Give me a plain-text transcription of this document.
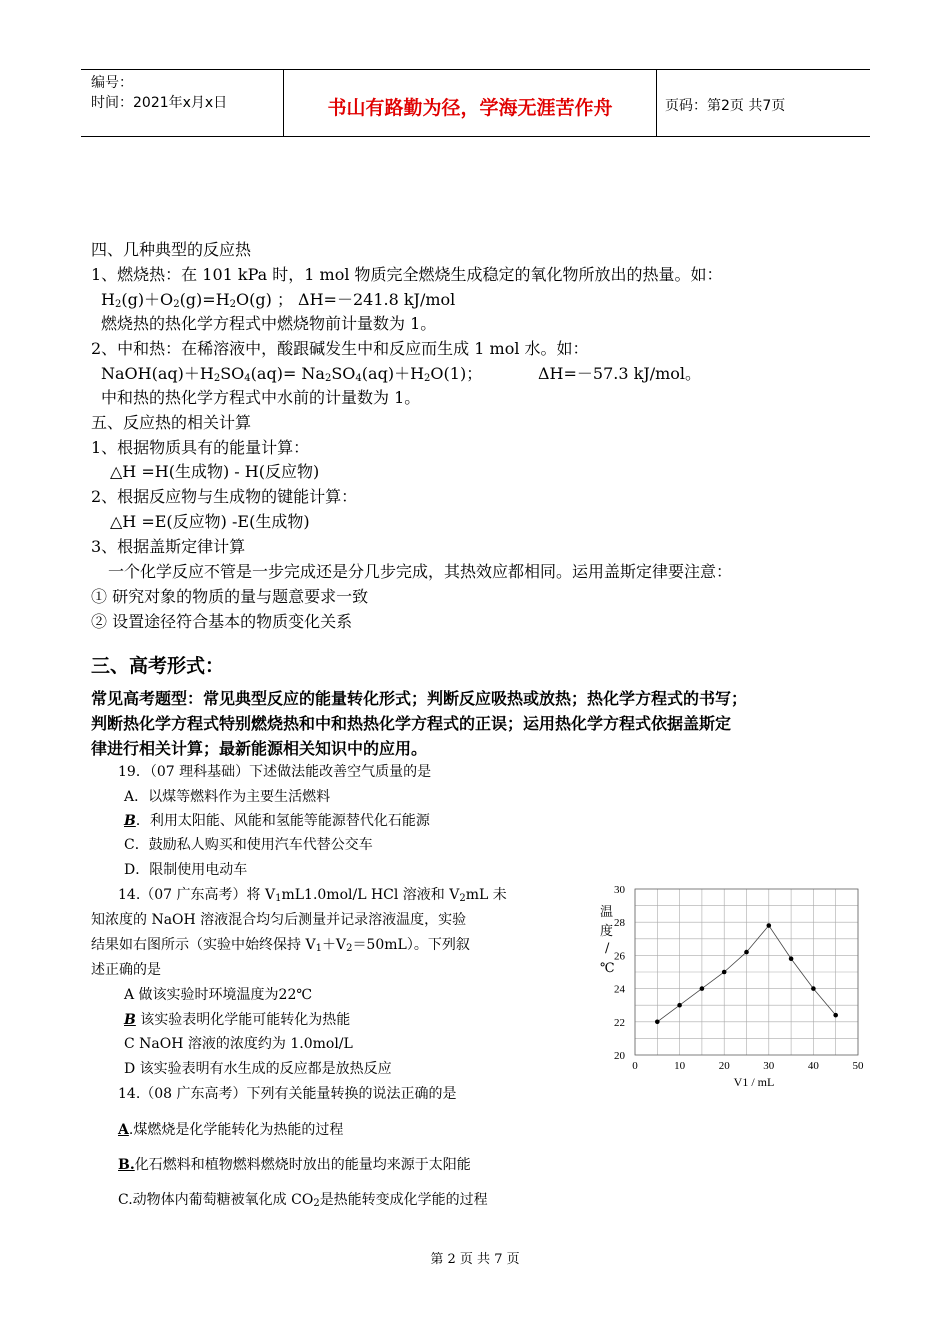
编号：
时间：2021年x月x日	书山有路勤为径，学海无涯苦作舟	页码：第2页 共7页
四、几种典型的反应热
1、燃烧热：在 101 kPa 时，1 mol 物质完全燃烧生成稳定的氧化物所放出的热量。如：
$H_2(g)+O_2(g)=H_2O(g)$ ； ΔH=－241.8 kJ/mol
燃烧热的热化学方程式中燃烧物前计量数为 1。
2、中和热：在稀溶液中，酸跟碱发生中和反应而生成 1 mol 水。如：
$NaOH(aq)+H_2SO_4(aq)= Na_2SO_4(aq)+H_2O(1)$；	ΔH=－57.3 kJ/mol。
中和热的热化学方程式中水前的计量数为 1。
五、反应热的相关计算
1、根据物质具有的能量计算：
△H =H(生成物) - H(反应物)
2、根据反应物与生成物的键能计算：
△H =E(反应物) -E(生成物)
3、根据盖斯定律计算
一个化学反应不管是一步完成还是分几步完成，其热效应都相同。运用盖斯定律要注意：
① 研究对象的物质的量与题意要求一致
② 设置途径符合基本的物质变化关系
三、高考形式：
常见高考题型：常见典型反应的能量转化形式；判断反应吸热或放热；热化学方程式的书写；
判断热化学方程式特别燃烧热和中和热热化学方程式的正误；运用热化学方程式依据盖斯定
律进行相关计算；最新能源相关知识中的应用。
19．（07 理科基础）下述做法能改善空气质量的是
A．以煤等燃料作为主要生活燃料
B．利用太阳能、风能和氢能等能源替代化石能源
C．鼓励私人购买和使用汽车代替公交车
D．限制使用电动车
14.（07 广东高考）将 $V_1mL1.0mol/L$ HCl 溶液和 $V_2mL$ 未
知浓度的 NaOH 溶液混合均匀后测量并记录溶液温度，实验
结果如右图所示（实验中始终保持 $V_1+V_2=50mL$）。下列叙
述正确的是
A 做该实验时环境温度为22℃
B 该实验表明化学能可能转化为热能
C NaOH 溶液的浓度约为 1.0mol/L
D 该实验表明有水生成的反应都是放热反应
14.（08 广东高考）下列有关能量转换的说法正确的是
A.煤燃烧是化学能转化为热能的过程
B.化石燃料和植物燃料燃烧时放出的能量均来源于太阳能
C.动物体内葡萄糖被氧化成 $CO_2$是热能转变成化学能的过程
0	10	20	30	40	50
20
22
24
26
28
30
V1 / mL
温度/ ℃
第 2 页 共 7 页
